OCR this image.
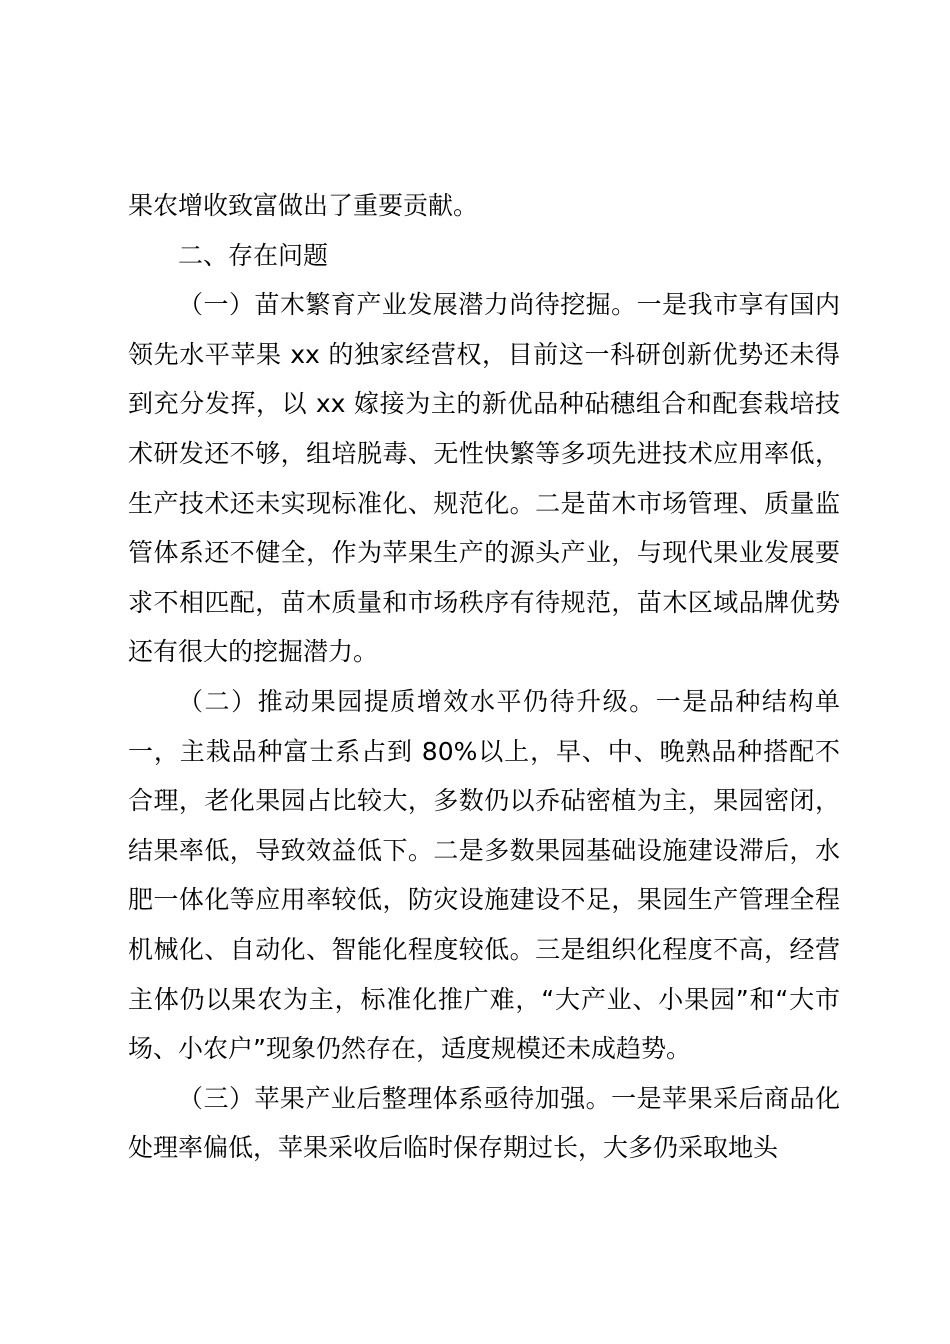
果农增收致富做出了重要贡献。

二、存在问题

（一）苗木繁育产业发展潜力尚待挖掘。一是我市享有国内领先水平苹果 xx 的独家经营权，目前这一科研创新优势还未得到充分发挥，以 xx 嫁接为主的新优品种砧穗组合和配套栽培技术研发还不够，组培脱毒、无性快繁等多项先进技术应用率低，生产技术还未实现标准化、规范化。二是苗木市场管理、质量监管体系还不健全，作为苹果生产的源头产业，与现代果业发展要求不相匹配，苗木质量和市场秩序有待规范，苗木区域品牌优势还有很大的挖掘潜力。

（二）推动果园提质增效水平仍待升级。一是品种结构单一，主栽品种富士系占到 80%以上，早、中、晚熟品种搭配不合理，老化果园占比较大，多数仍以乔砧密植为主，果园密闭，结果率低，导致效益低下。二是多数果园基础设施建设滞后，水肥一体化等应用率较低，防灾设施建设不足，果园生产管理全程机械化、自动化、智能化程度较低。三是组织化程度不高，经营主体仍以果农为主，标准化推广难，“大产业、小果园”和“大市场、小农户”现象仍然存在，适度规模还未成趋势。

（三）苹果产业后整理体系亟待加强。一是苹果采后商品化处理率偏低，苹果采收后临时保存期过长，大多仍采取地头
